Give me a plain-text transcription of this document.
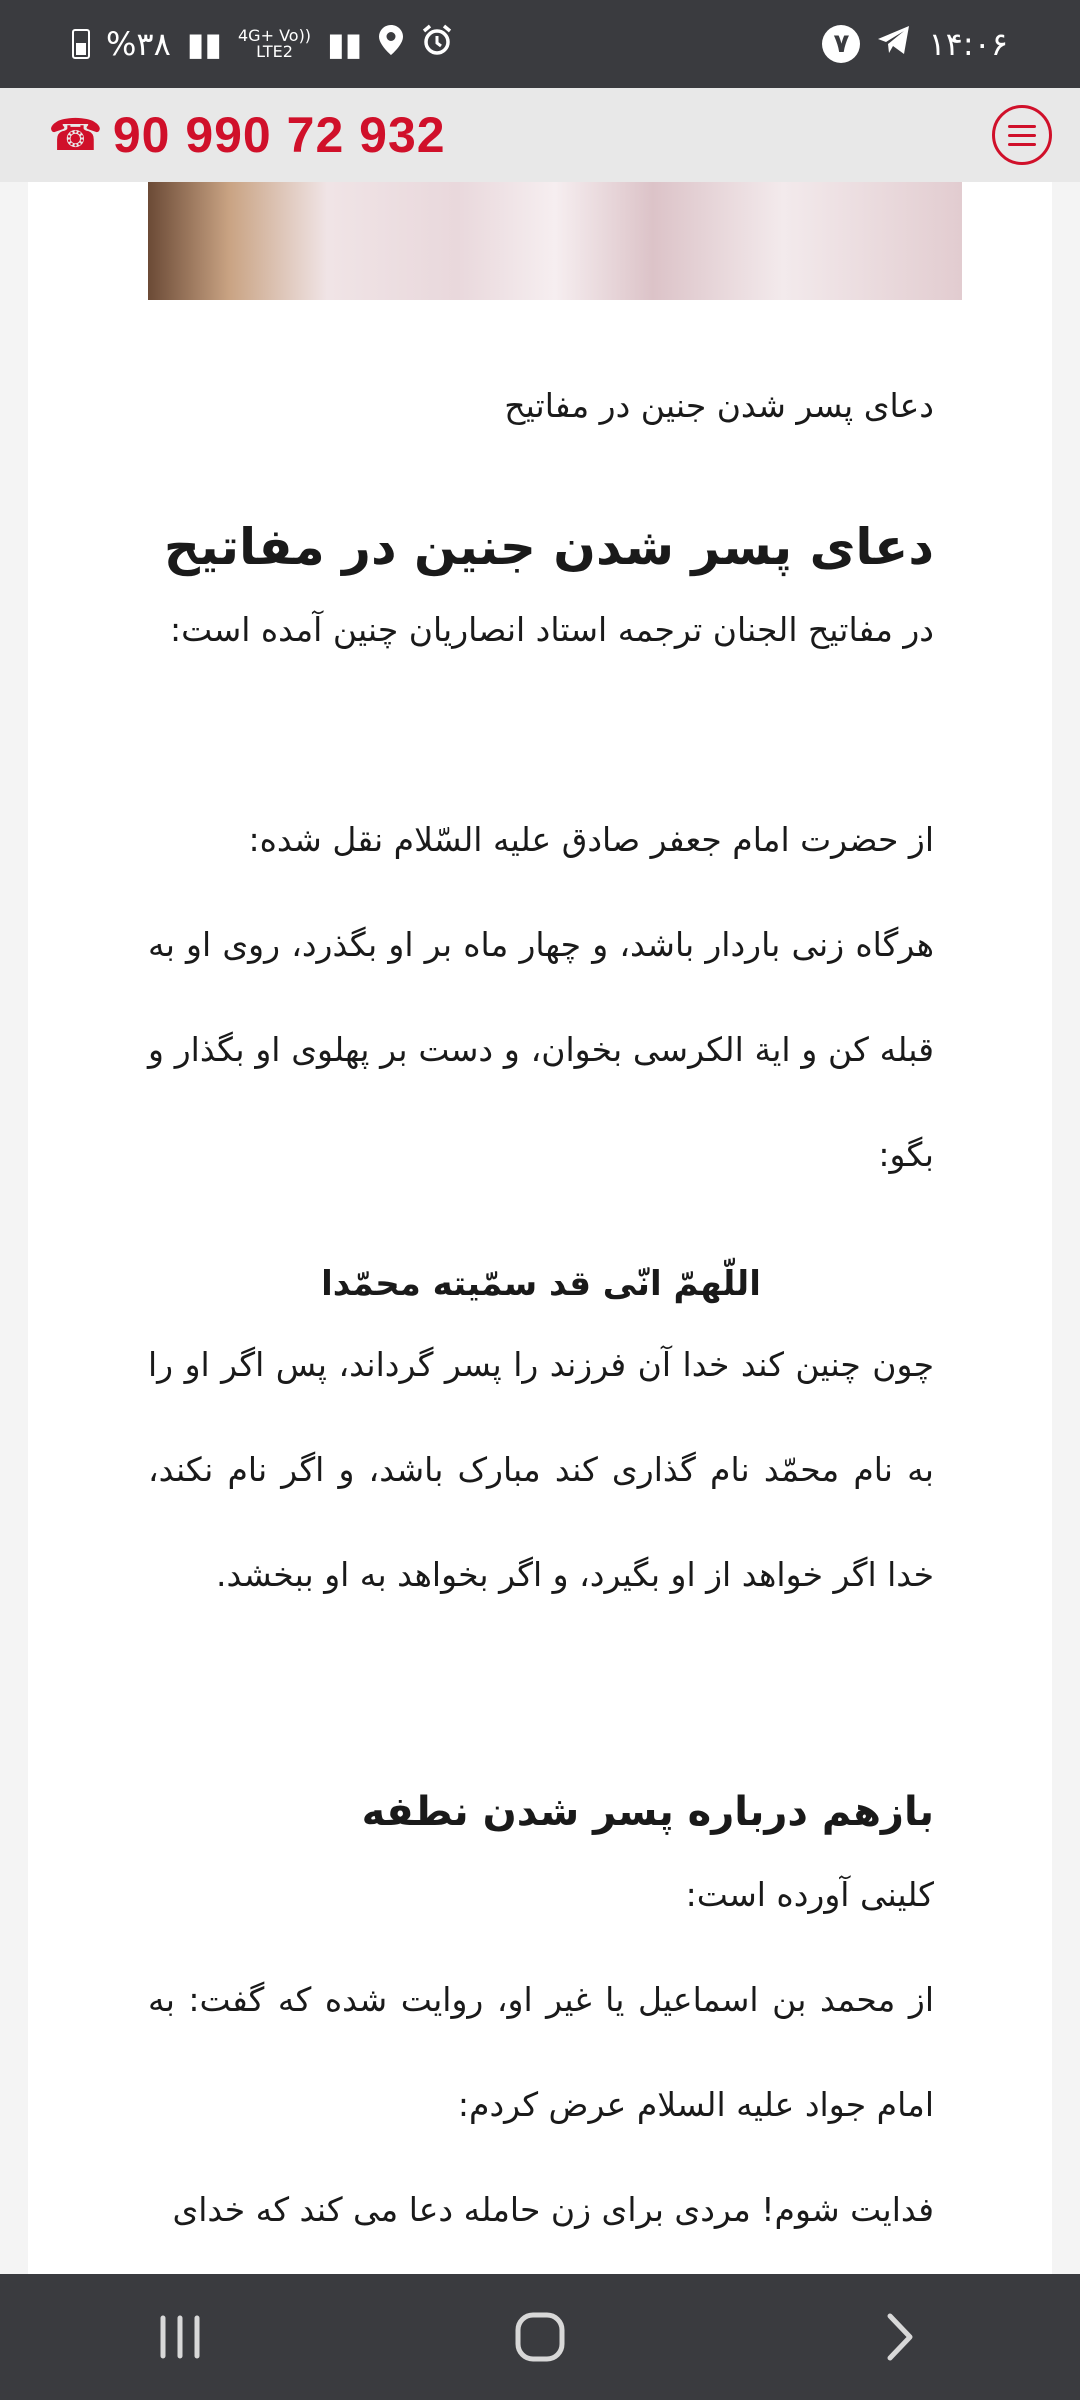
%۳۸ ▮▮ 4G+ Vo))
LTE2 ▮▮	۷	۱۴:۰۶
☎ 90 990 72 932
دعای پسر شدن جنین در مفاتیح
دعای پسر شدن جنین در مفاتیح
در مفاتیح الجنان ترجمه استاد انصاریان چنین آمده است:
از حضرت امام جعفر صادق علیه السّلام نقل شده:
هرگاه زنی باردار باشد، و چهار ماه بر او بگذرد، روی او به قبله کن و ایة الکرسی بخوان، و دست بر پهلوی او بگذار و بگو:
اللّهمّ انّی قد سمّیته محمّدا
چون چنین کند خدا آن فرزند را پسر گرداند، پس اگر او را به نام محمّد نام گذاری کند مبارک باشد، و اگر نام نکند، خدا اگر خواهد از او بگیرد، و اگر بخواهد به او ببخشد.
بازهم درباره پسر شدن نطفه
کلینی آورده است:
از محمد بن اسماعیل یا غیر او، روایت شده که گفت: به امام جواد علیه السلام عرض کردم:
فدایت شوم! مردی برای زن حامله دعا می کند که خدای
